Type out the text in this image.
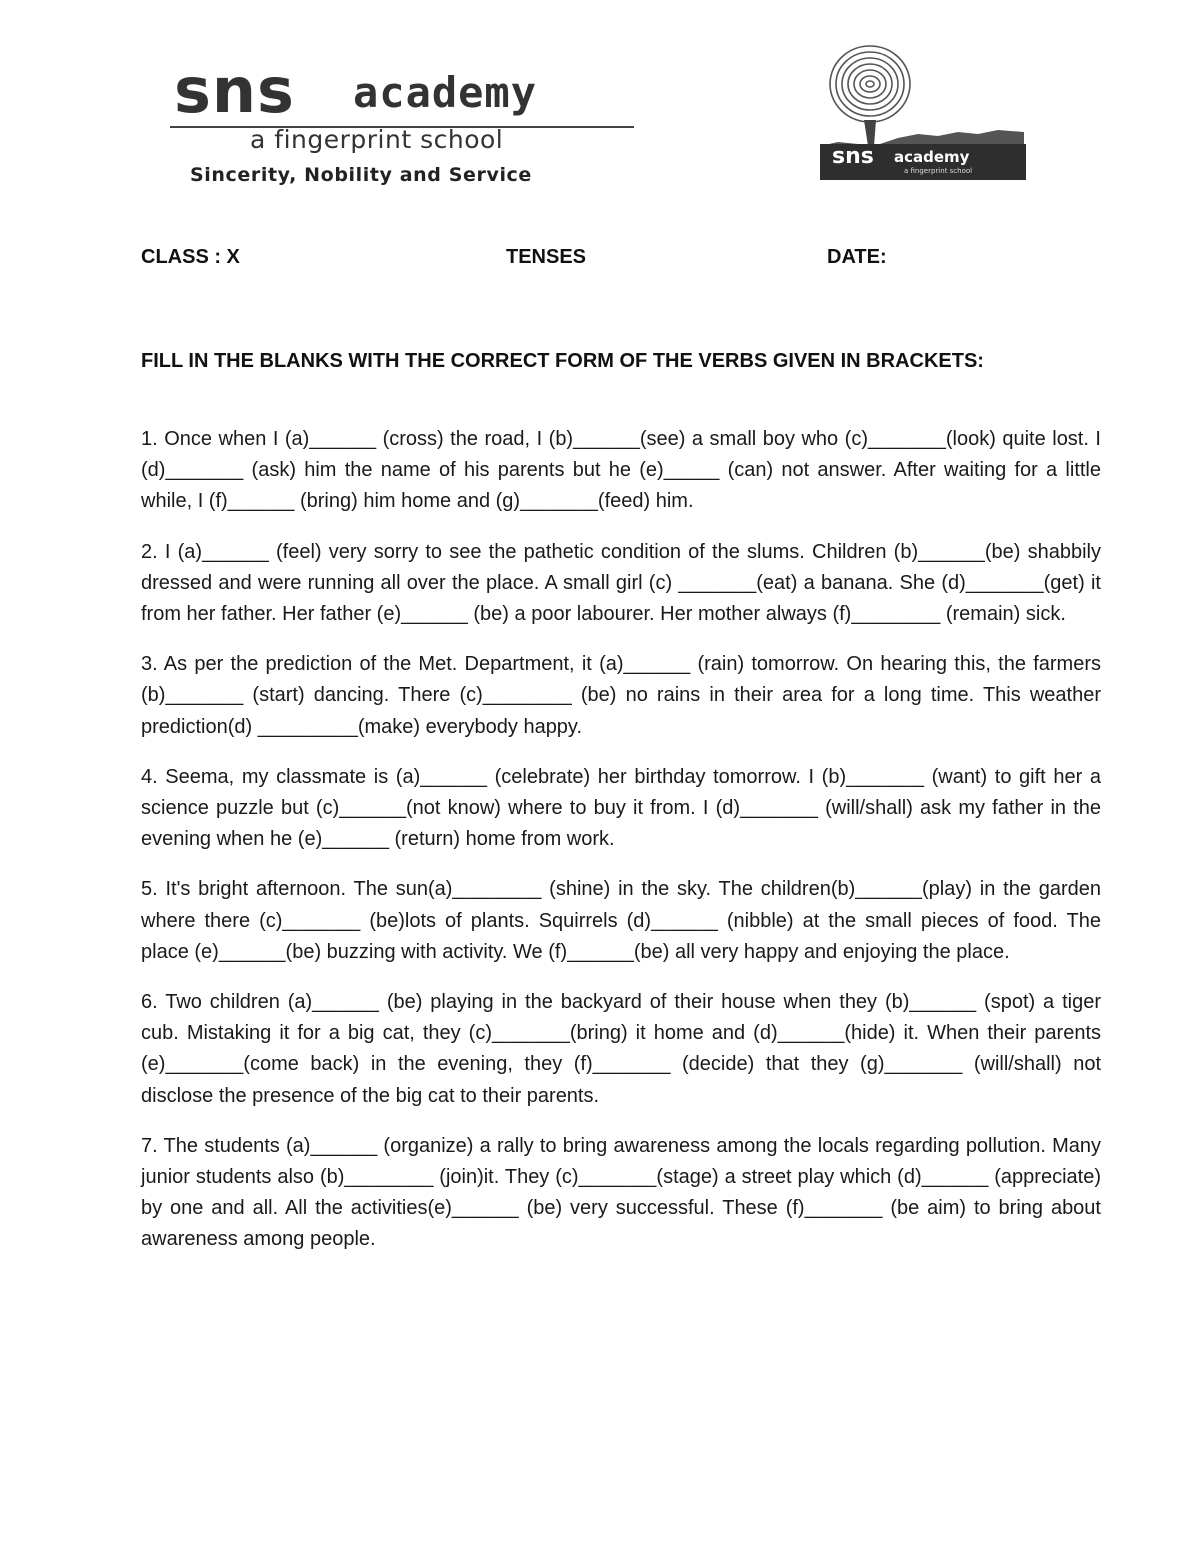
sns academy
a fingerprint school
Sincerity, Nobility and Service
sns academy
a fingerprint school
CLASS : X	TENSES	DATE:
FILL IN THE BLANKS WITH THE CORRECT FORM OF THE VERBS GIVEN IN BRACKETS:

1. Once when I (a)______ (cross) the road, I (b)______(see) a small boy who (c)_______(look) quite lost. I (d)_______ (ask) him the name of his parents but he (e)_____ (can) not answer. After waiting for a little while, I (f)______ (bring) him home and (g)_______(feed) him.

2. I (a)______ (feel) very sorry to see the pathetic condition of the slums. Children (b)______(be) shabbily dressed and were running all over the place. A small girl (c) _______(eat) a banana. She (d)_______(get) it from her father. Her father (e)______ (be) a poor labourer. Her mother always (f)________ (remain) sick.

3. As per the prediction of the Met. Department, it (a)______ (rain) tomorrow. On hearing this, the farmers (b)_______ (start) dancing. There (c)________ (be) no rains in their area for a long time. This weather prediction(d) _________(make) everybody happy.

4. Seema, my classmate is (a)______ (celebrate) her birthday tomorrow. I (b)_______ (want) to gift her a science puzzle but (c)______(not know) where to buy it from. I (d)_______ (will/shall) ask my father in the evening when he (e)______ (return) home from work.

5. It's bright afternoon. The sun(a)________ (shine) in the sky. The children(b)______(play) in the garden where there (c)_______ (be)lots of plants. Squirrels (d)______ (nibble) at the small pieces of food. The place (e)______(be) buzzing with activity. We (f)______(be) all very happy and enjoying the place.

6. Two children (a)______ (be) playing in the backyard of their house when they (b)______ (spot) a tiger cub. Mistaking it for a big cat, they (c)_______(bring) it home and (d)______(hide) it. When their parents (e)_______(come back) in the evening, they (f)_______ (decide) that they (g)_______ (will/shall) not disclose the presence of the big cat to their parents.

7. The students (a)______ (organize) a rally to bring awareness among the locals regarding pollution. Many junior students also (b)________ (join)it. They (c)_______(stage) a street play which (d)______ (appreciate) by one and all. All the activities(e)______ (be) very successful. These (f)_______ (be aim) to bring about awareness among people.
